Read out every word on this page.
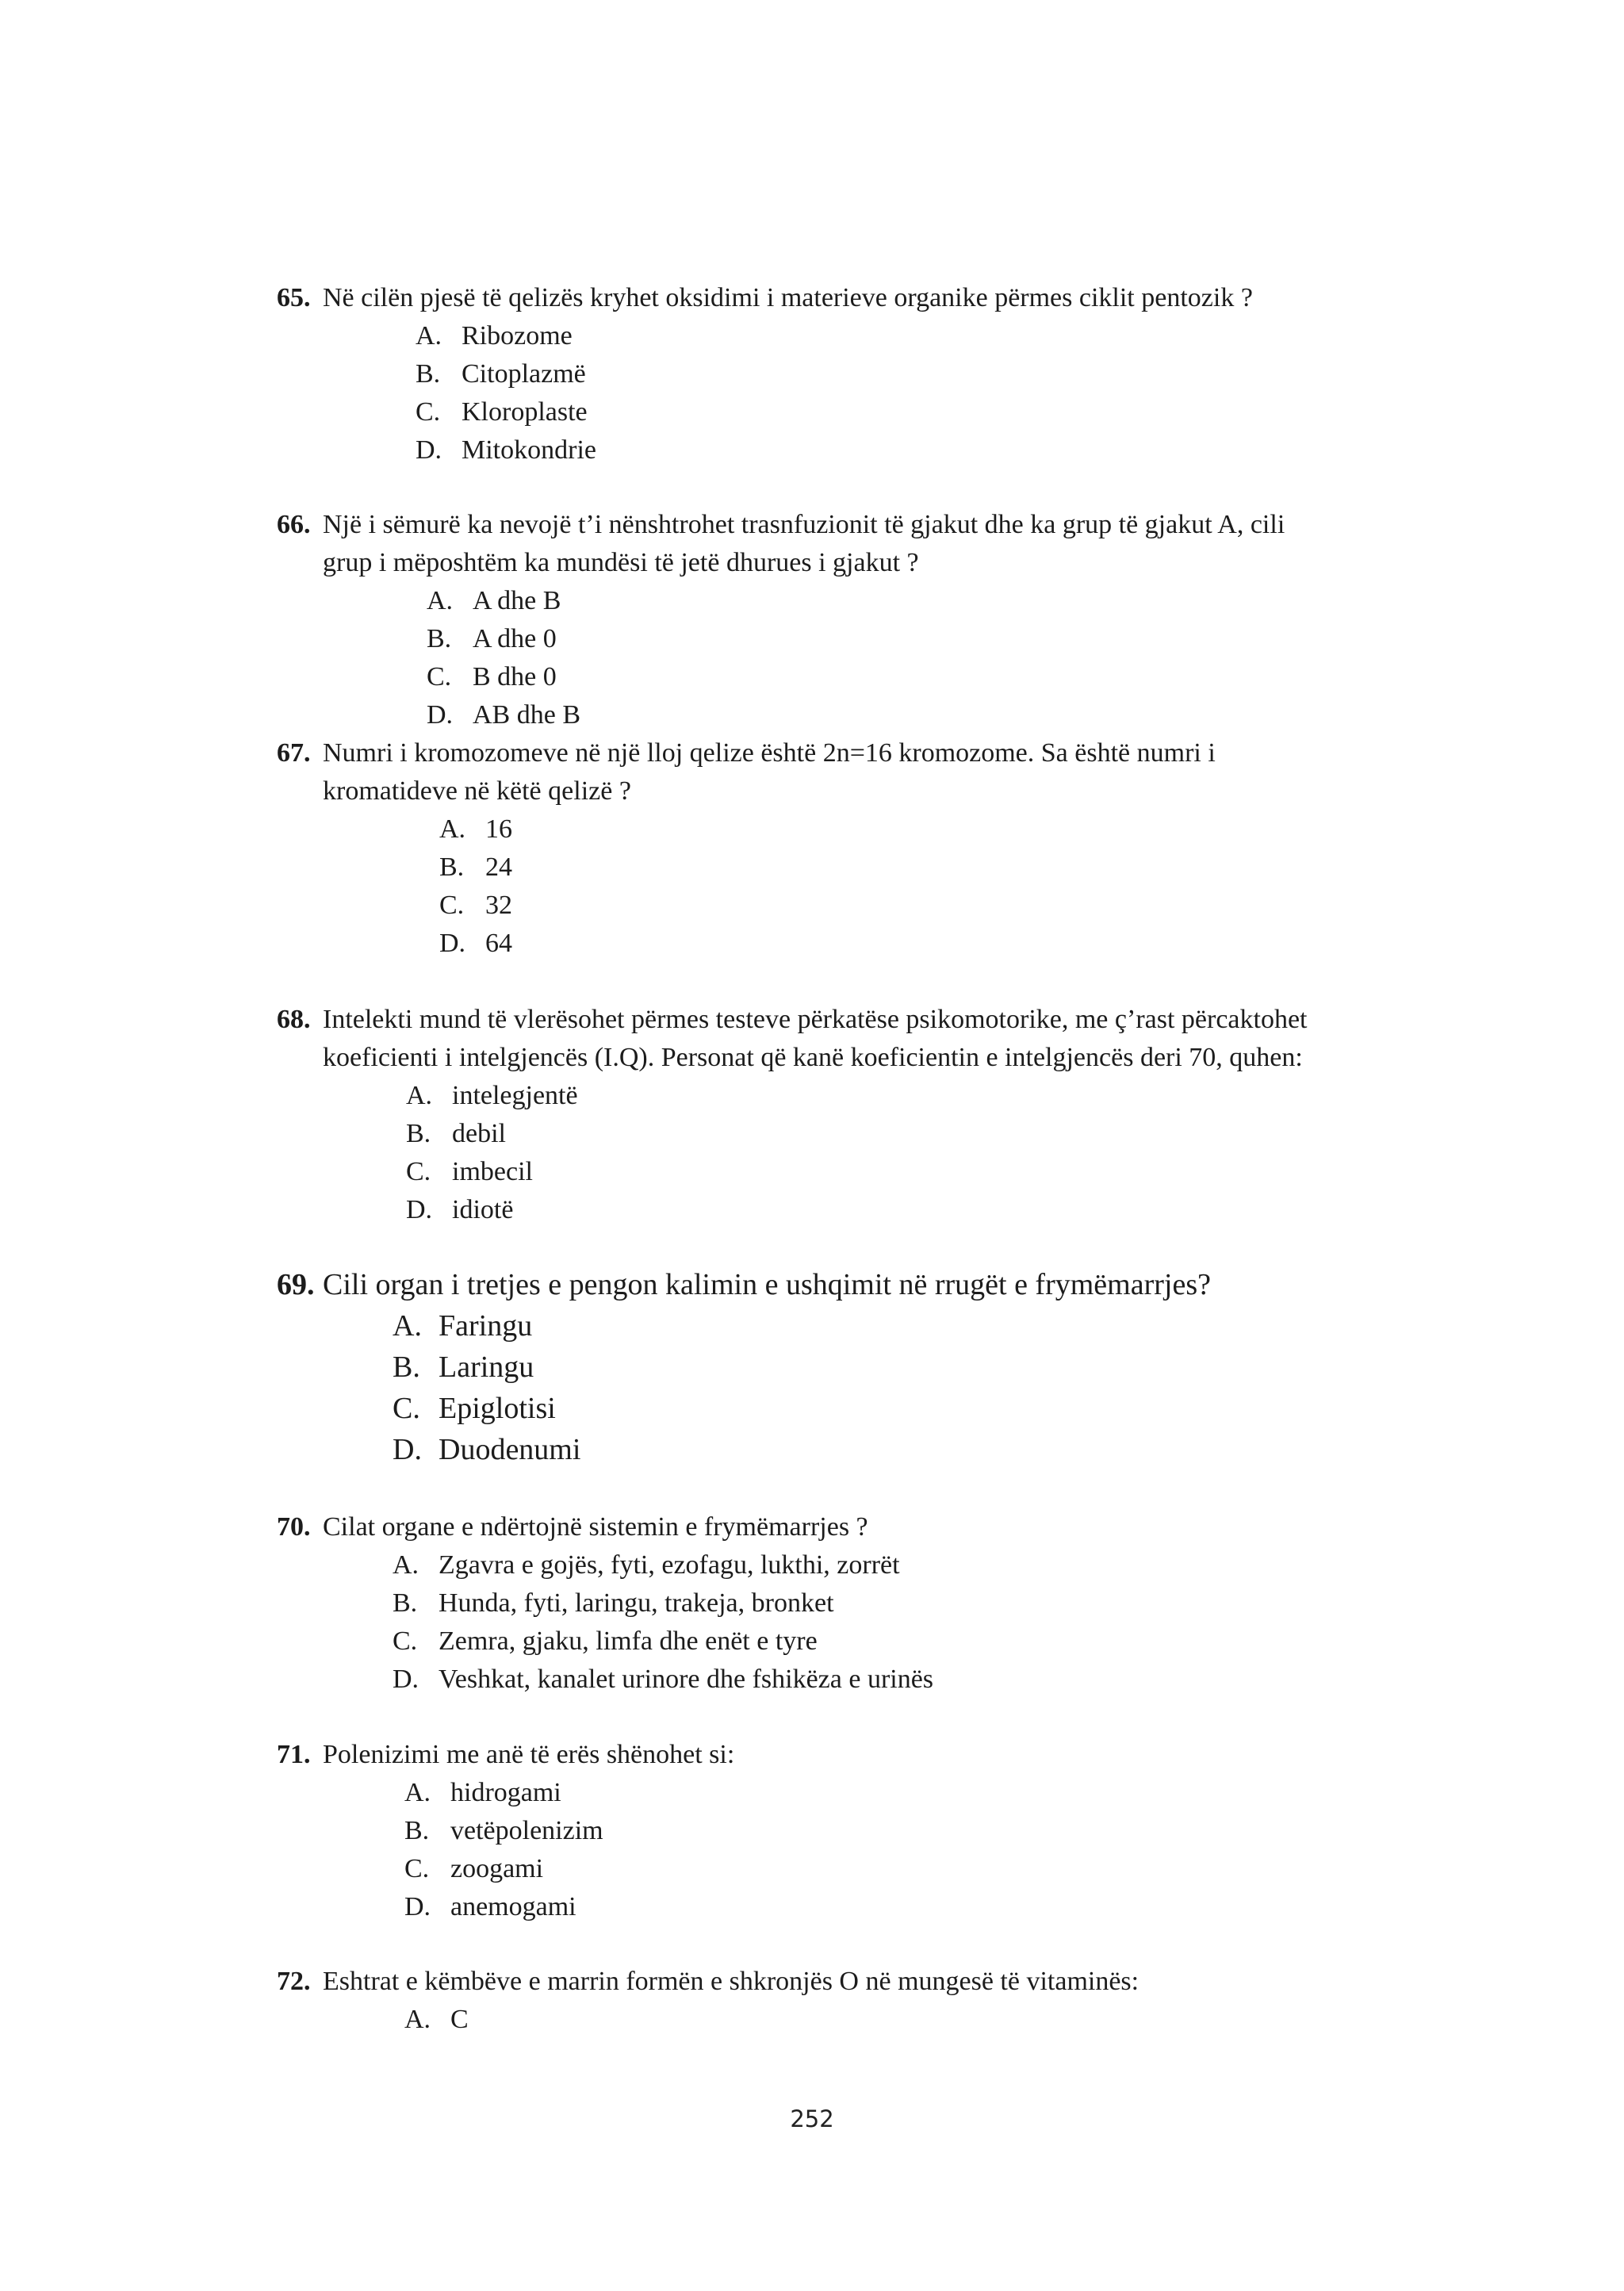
65. Në cilën pjesë të qelizës kryhet oksidimi i materieve organike përmes ciklit pentozik ?
A. Ribozome
B. Citoplazmë
C. Kloroplaste
D. Mitokondrie
66. Një i sëmurë ka nevojë t’i nënshtrohet trasnfuzionit të gjakut dhe ka grup të gjakut A, cili
grup i mëposhtëm ka mundësi të jetë dhurues i gjakut ?
A. A dhe B
B. A dhe 0
C. B dhe 0
D. AB dhe B
67. Numri i kromozomeve në një lloj qelize është 2n=16 kromozome. Sa është numri i
kromatideve në këtë qelizë ?
A. 16
B. 24
C. 32
D. 64
68. Intelekti mund të vlerësohet përmes testeve përkatëse psikomotorike, me ç’rast përcaktohet
koeficienti i intelgjencës (I.Q). Personat që kanë koeficientin e intelgjencës deri 70, quhen:
A. intelegjentë
B. debil
C. imbecil
D. idiotë
69. Cili organ i tretjes e pengon kalimin e ushqimit në rrugët e frymëmarrjes?
A. Faringu
B. Laringu
C. Epiglotisi
D. Duodenumi
70. Cilat organe e ndërtojnë sistemin e frymëmarrjes ?
A. Zgavra e gojës, fyti, ezofagu, lukthi, zorrët
B. Hunda, fyti, laringu, trakeja, bronket
C. Zemra, gjaku, limfa dhe enët e tyre
D. Veshkat, kanalet urinore dhe fshikëza e urinës
71. Polenizimi me anë të erës shënohet si:
A. hidrogami
B. vetëpolenizim
C. zoogami
D. anemogami
72. Eshtrat e këmbëve e marrin formën e shkronjës O në mungesë të vitaminës:
A. C
252
